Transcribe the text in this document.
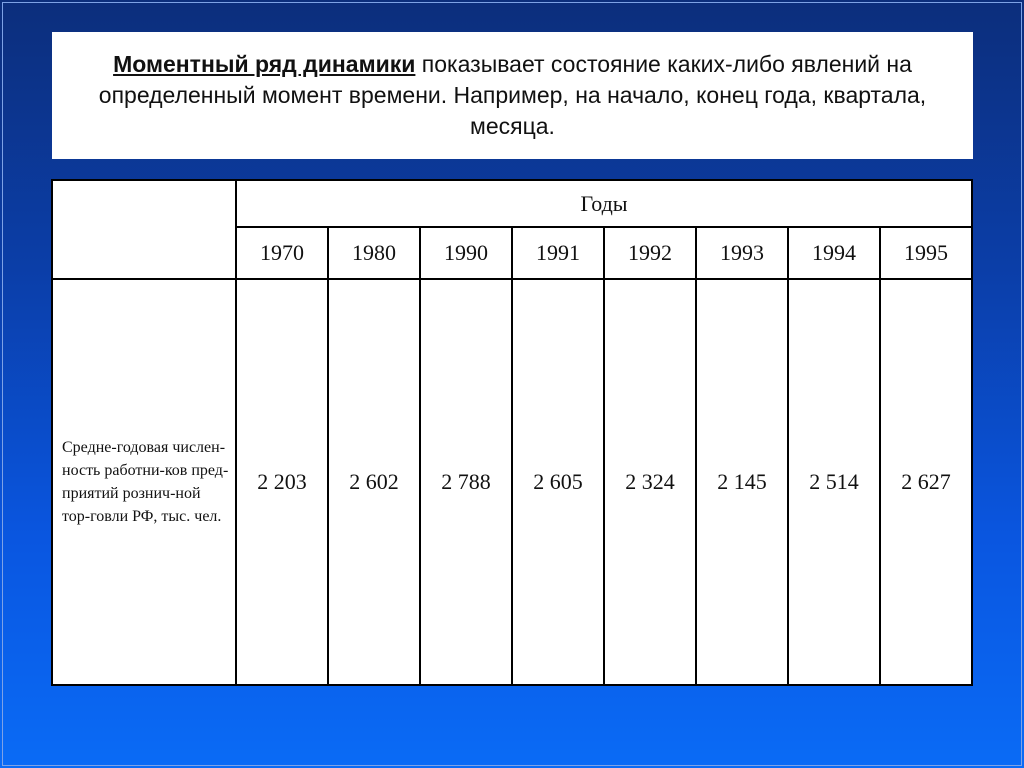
Моментный ряд динамики показывает состояние каких-либо явлений на определенный момент времени. Например, на начало, конец года, квартала, месяца.
	Годы							
	1970	1980	1990	1991	1992	1993	1994	1995
Средне-годовая числен-ность работни-ков пред-приятий рознич-ной тор-говли РФ, тыс. чел.	2 203	2 602	2 788	2 605	2 324	2 145	2 514	2 627
